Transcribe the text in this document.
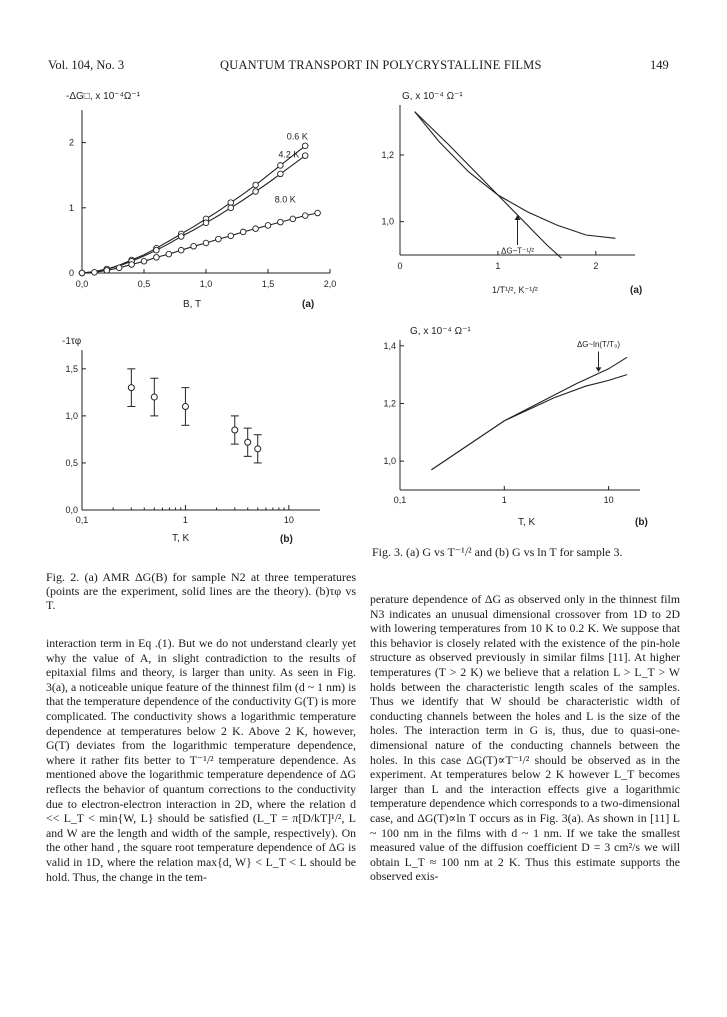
Vol. 104, No. 3	QUANTUM TRANSPORT IN POLYCRYSTALLINE FILMS	149
-ΔG□, x 10⁻⁴Ω⁻¹
B, T	(a)
0,0	0,5	1,0	1,5	2,0
0
1
2
0.6 K
4.2 K
8.0 K
G, x 10⁻⁴ Ω⁻¹
1/T¹/², K⁻¹/²	(a)
0	1	2
1,0
1,2
ΔG~T⁻¹/²
-1τφ
T, K	(b)
0,1	1	10
0,0
0,5
1,0
1,5
G, x 10⁻⁴ Ω⁻¹
T, K	(b)
0,1	1	10
1,0
1,2
1,4	ΔG~ln(T/T₀)
Fig. 3. (a) G vs T⁻¹/² and (b) G vs ln T for sample 3.
Fig. 2. (a) AMR ΔG(B) for sample N2 at three temperatures (points are the experiment, solid lines are the theory). (b)τφ vs T.

interaction term in Eq .(1). But we do not understand clearly yet why the value of A, in slight contradiction to the results of epitaxial films and theory, is larger than unity. As seen in Fig. 3(a), a noticeable unique feature of the thinnest film (d ~ 1 nm) is that the temperature dependence of the conductivity G(T) is more complicated. The conductivity shows a logarithmic temperature dependence at temperatures below 2 K. Above 2 K, however, G(T) deviates from the logarithmic temperature dependence, where it rather fits better to T⁻¹/² temperature dependence. As mentioned above the logarithmic temperature dependence of ΔG reflects the behavior of quantum corrections to the conductivity due to electron-electron interaction in 2D, where the relation d << L_T < min{W, L} should be satisfied (L_T = π[D/kT]¹/², L and W are the length and width of the sample, respectively). On the other hand , the square root temperature dependence of ΔG is valid in 1D, where the relation max{d, W} < L_T < L should be hold. Thus, the change in the tem-

perature dependence of ΔG as observed only in the thinnest film N3 indicates an unusual dimensional crossover from 1D to 2D with lowering temperatures from 10 K to 0.2 K. We suppose that this behavior is closely related with the existence of the pin-hole structure as observed previously in similar films [11]. At higher temperatures (T > 2 K) we believe that a relation L > L_T > W holds between the characteristic length scales of the samples. Thus we identify that W should be characteristic width of conducting channels between the holes and L is the size of the holes. The interaction term in G is, thus, due to quasi-one-dimensional nature of the conducting channels between the holes. In this case ΔG(T)∝T⁻¹/² should be observed as in the experiment. At temperatures below 2 K however L_T becomes larger than L and the interaction effects give a logarithmic temperature dependence which corresponds to a two-dimensional case, and ΔG(T)∝ln T occurs as in Fig. 3(a). As shown in [11] L ~ 100 nm in the films with d ~ 1 nm. If we take the smallest measured value of the diffusion coefficient D = 3 cm²/s we will obtain L_T ≈ 100 nm at 2 K. Thus this estimate supports the observed exis-
